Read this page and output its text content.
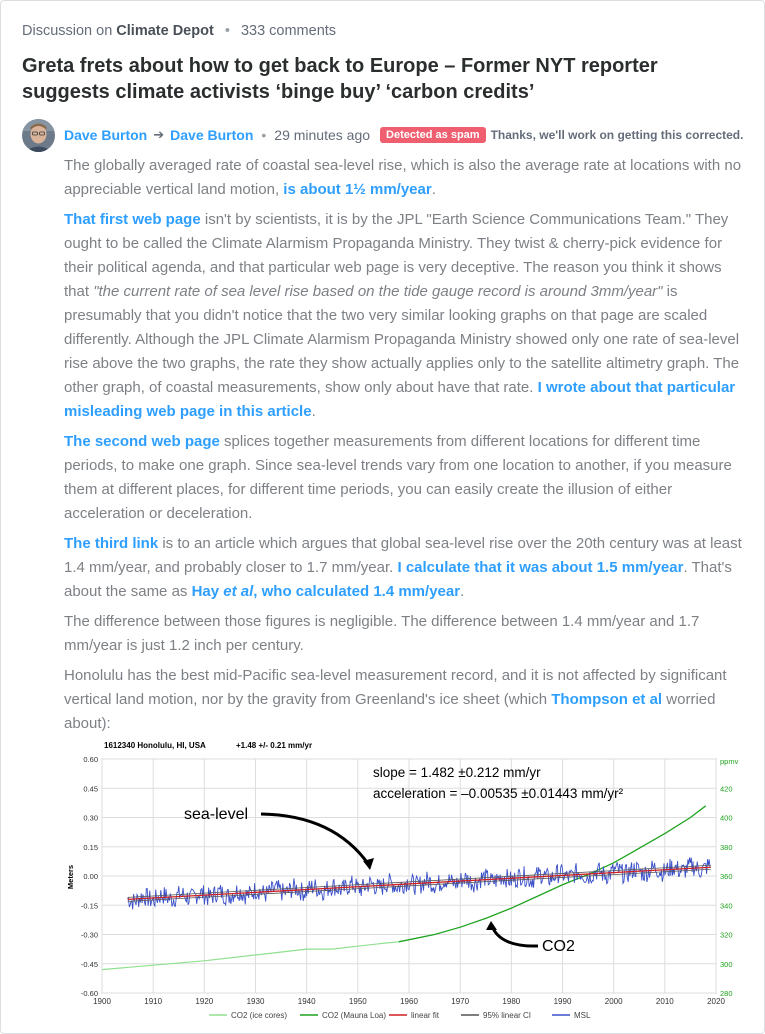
Discussion on Climate Depot • 333 comments
Greta frets about how to get back to Europe – Former NYT reporter suggests climate activists ‘binge buy’ ‘carbon credits’
Dave Burton ➔ Dave Burton • 29 minutes ago	Detected as spam Thanks, we'll work on getting this corrected.

The globally averaged rate of coastal sea-level rise, which is also the average rate at locations with no appreciable vertical land motion, is about 1½ mm/year.

That first web page isn't by scientists, it is by the JPL "Earth Science Communications Team." They ought to be called the Climate Alarmism Propaganda Ministry. They twist & cherry-pick evidence for their political agenda, and that particular web page is very deceptive. The reason you think it shows that "the current rate of sea level rise based on the tide gauge record is around 3mm/year" is presumably that you didn't notice that the two very similar looking graphs on that page are scaled differently. Although the JPL Climate Alarmism Propaganda Ministry showed only one rate of sea-level rise above the two graphs, the rate they show actually applies only to the satellite altimetry graph. The other graph, of coastal measurements, show only about have that rate. I wrote about that particular misleading web page in this article.

The second web page splices together measurements from different locations for different time periods, to make one graph. Since sea-level trends vary from one location to another, if you measure them at different places, for different time periods, you can easily create the illusion of either acceleration or deceleration.

The third link is to an article which argues that global sea-level rise over the 20th century was at least 1.4 mm/year, and probably closer to 1.7 mm/year. I calculate that it was about 1.5 mm/year. That's about the same as Hay et al, who calculated 1.4 mm/year.

The difference between those figures is negligible. The difference between 1.4 mm/year and 1.7 mm/year is just 1.2 inch per century.

Honolulu has the best mid-Pacific sea-level measurement record, and it is not affected by significant vertical land motion, nor by the gravity from Greenland's ice sheet (which Thompson et al worried about):

1612340 Honolulu, HI, USA	+1.48 +/- 0.21 mm/yr
1900	1910	1920	1930	1940	1950	1960	1970	1980	1990	2000	2010	2020
0.60
0.45
0.30
0.15
0.00
-0.15
-0.30
-0.45
-0.60
ppmv
420
400
380
360
340
320
300
280
Meters
slope = 1.482 ±0.212 mm/yr
acceleration = –0.00535 ±0.01443 mm/yr²
sea-level
CO2
CO2 (ice cores)	CO2 (Mauna Loa)	linear fit	95% linear CI	MSL
